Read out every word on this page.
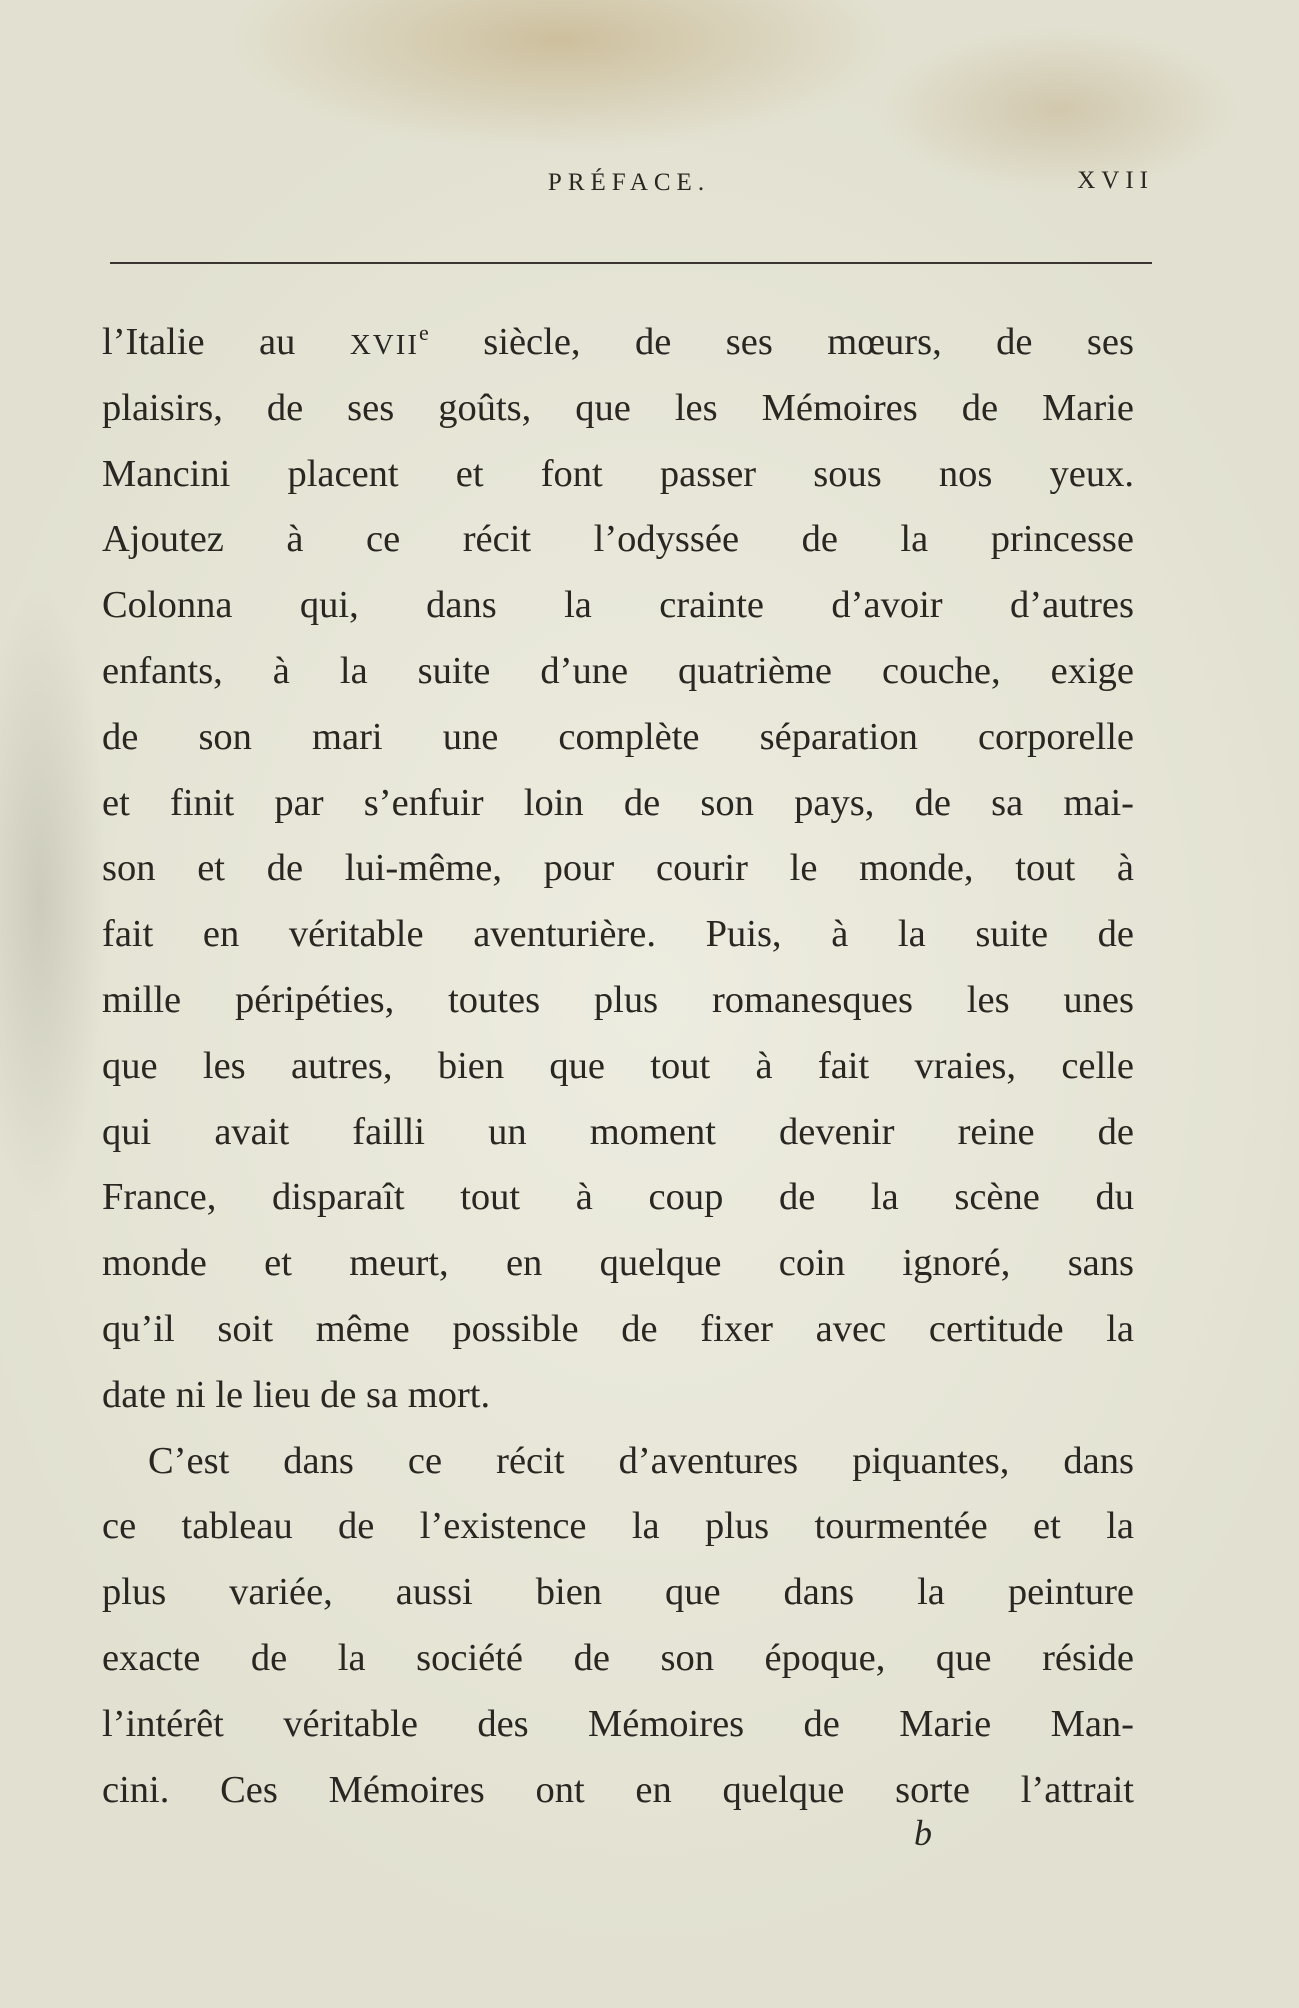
PRÉFACE.	XVII
l’Italie au XVIIe siècle, de ses mœurs, de ses
plaisirs, de ses goûts, que les Mémoires de Marie
Mancini placent et font passer sous nos yeux.
Ajoutez à ce récit l’odyssée de la princesse
Colonna qui, dans la crainte d’avoir d’autres
enfants, à la suite d’une quatrième couche, exige
de son mari une complète séparation corporelle
et finit par s’enfuir loin de son pays, de sa mai-
son et de lui-même, pour courir le monde, tout à
fait en véritable aventurière. Puis, à la suite de
mille péripéties, toutes plus romanesques les unes
que les autres, bien que tout à fait vraies, celle
qui avait failli un moment devenir reine de
France, disparaît tout à coup de la scène du
monde et meurt, en quelque coin ignoré, sans
qu’il soit même possible de fixer avec certitude la
date ni le lieu de sa mort.
C’est dans ce récit d’aventures piquantes, dans
ce tableau de l’existence la plus tourmentée et la
plus variée, aussi bien que dans la peinture
exacte de la société de son époque, que réside
l’intérêt véritable des Mémoires de Marie Man-
cini. Ces Mémoires ont en quelque sorte l’attrait
b
